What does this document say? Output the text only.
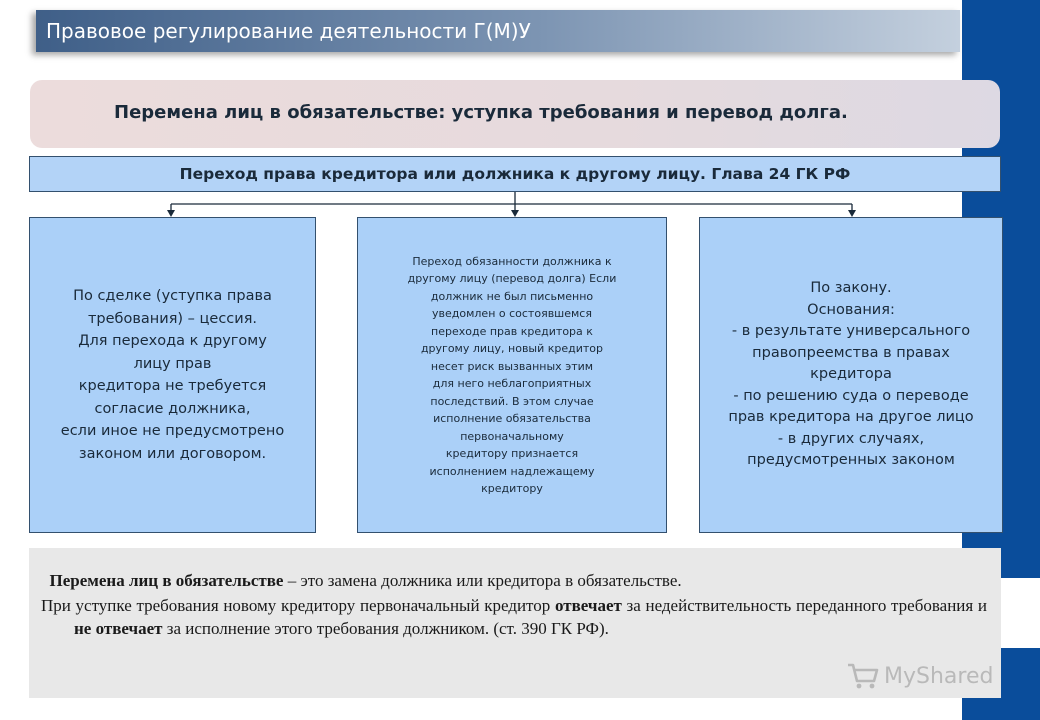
Правовое регулирование деятельности Г(М)У
Перемена лиц в обязательстве: уступка требования и перевод долга.
Переход права кредитора или должника к другому лицу. Глава 24 ГК РФ
По сделке (уступка права
требования) – цессия.
Для перехода к другому
лицу прав
кредитора не требуется
согласие должника,
если иное не предусмотрено
законом или договором.
Переход обязанности должника к
другому лицу (перевод долга) Если
должник не был письменно
уведомлен о состоявшемся
переходе прав кредитора к
другому лицу, новый кредитор
несет риск вызванных этим
для него неблагоприятных
последствий. В этом случае
исполнение обязательства
первоначальному
кредитору признается
исполнением надлежащему
кредитору
По закону.
Основания:
- в результате универсального
правопреемства в правах
кредитора
- по решению суда о переводе
прав кредитора на другое лицо
- в других случаях,
предусмотренных законом

Перемена лиц в обязательстве – это замена должника или кредитора в обязательстве.

При уступке требования новому кредитору первоначальный кредитор отвечает за недействительность переданного требования и не отвечает за исполнение этого требования должником. (ст. 390 ГК РФ).

MyShared
